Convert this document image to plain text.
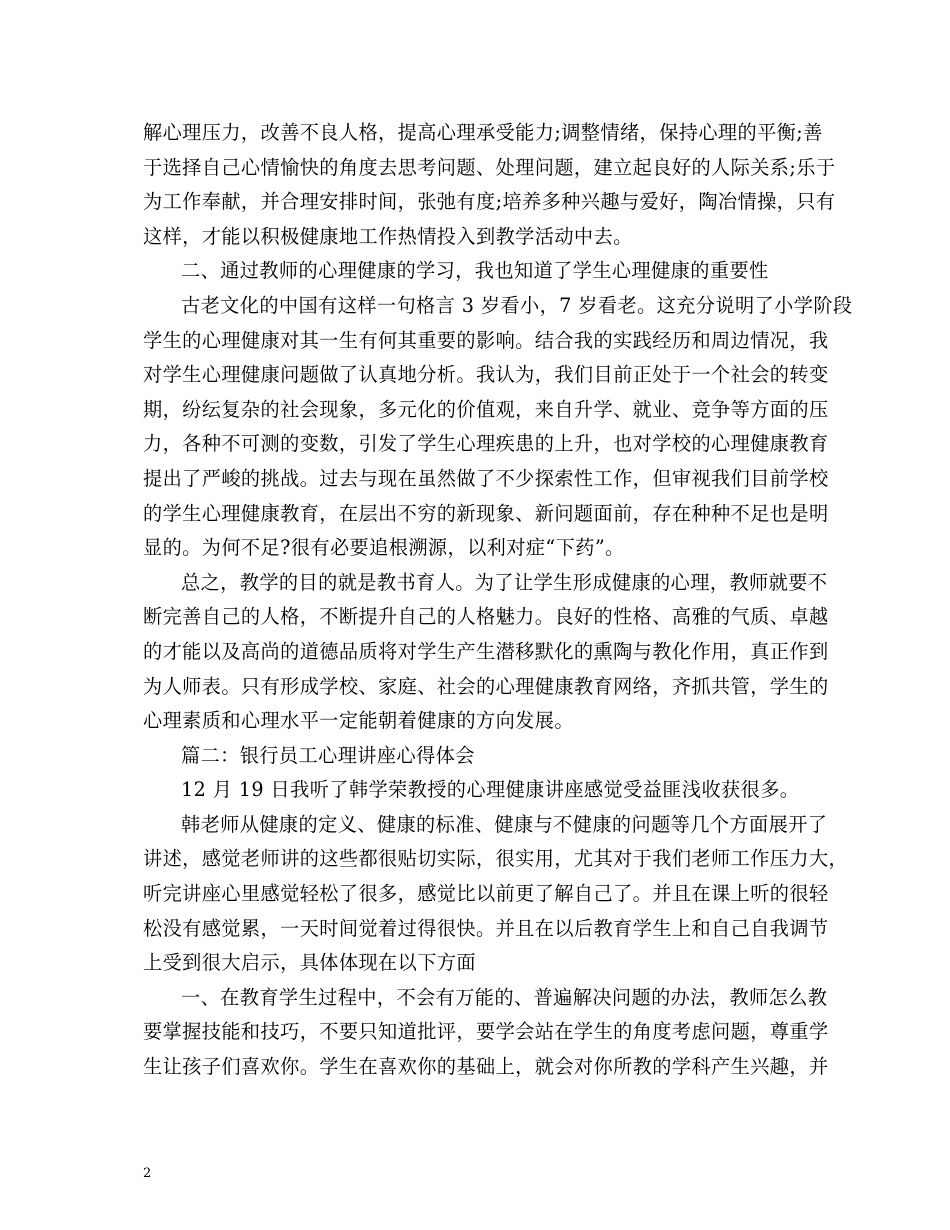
解心理压力，改善不良人格，提高心理承受能力;调整情绪，保持心理的平衡;善
于选择自己心情愉快的角度去思考问题、处理问题，建立起良好的人际关系;乐于
为工作奉献，并合理安排时间，张弛有度;培养多种兴趣与爱好，陶冶情操，只有
这样，才能以积极健康地工作热情投入到教学活动中去。
二、通过教师的心理健康的学习，我也知道了学生心理健康的重要性
古老文化的中国有这样一句格言 3 岁看小，7 岁看老。这充分说明了小学阶段
学生的心理健康对其一生有何其重要的影响。结合我的实践经历和周边情况，我
对学生心理健康问题做了认真地分析。我认为，我们目前正处于一个社会的转变
期，纷纭复杂的社会现象，多元化的价值观，来自升学、就业、竞争等方面的压
力，各种不可测的变数，引发了学生心理疾患的上升，也对学校的心理健康教育
提出了严峻的挑战。过去与现在虽然做了不少探索性工作，但审视我们目前学校
的学生心理健康教育，在层出不穷的新现象、新问题面前，存在种种不足也是明
显的。为何不足?很有必要追根溯源，以利对症“下药”。
总之，教学的目的就是教书育人。为了让学生形成健康的心理，教师就要不
断完善自己的人格，不断提升自己的人格魅力。良好的性格、高雅的气质、卓越
的才能以及高尚的道德品质将对学生产生潜移默化的熏陶与教化作用，真正作到
为人师表。只有形成学校、家庭、社会的心理健康教育网络，齐抓共管，学生的
心理素质和心理水平一定能朝着健康的方向发展。
篇二：银行员工心理讲座心得体会
12 月 19 日我听了韩学荣教授的心理健康讲座感觉受益匪浅收获很多。
韩老师从健康的定义、健康的标准、健康与不健康的问题等几个方面展开了
讲述，感觉老师讲的这些都很贴切实际，很实用，尤其对于我们老师工作压力大，
听完讲座心里感觉轻松了很多，感觉比以前更了解自己了。并且在课上听的很轻
松没有感觉累，一天时间觉着过得很快。并且在以后教育学生上和自己自我调节
上受到很大启示，具体体现在以下方面
一、在教育学生过程中，不会有万能的、普遍解决问题的办法，教师怎么教
要掌握技能和技巧，不要只知道批评，要学会站在学生的角度考虑问题，尊重学
生让孩子们喜欢你。学生在喜欢你的基础上，就会对你所教的学科产生兴趣，并
2
